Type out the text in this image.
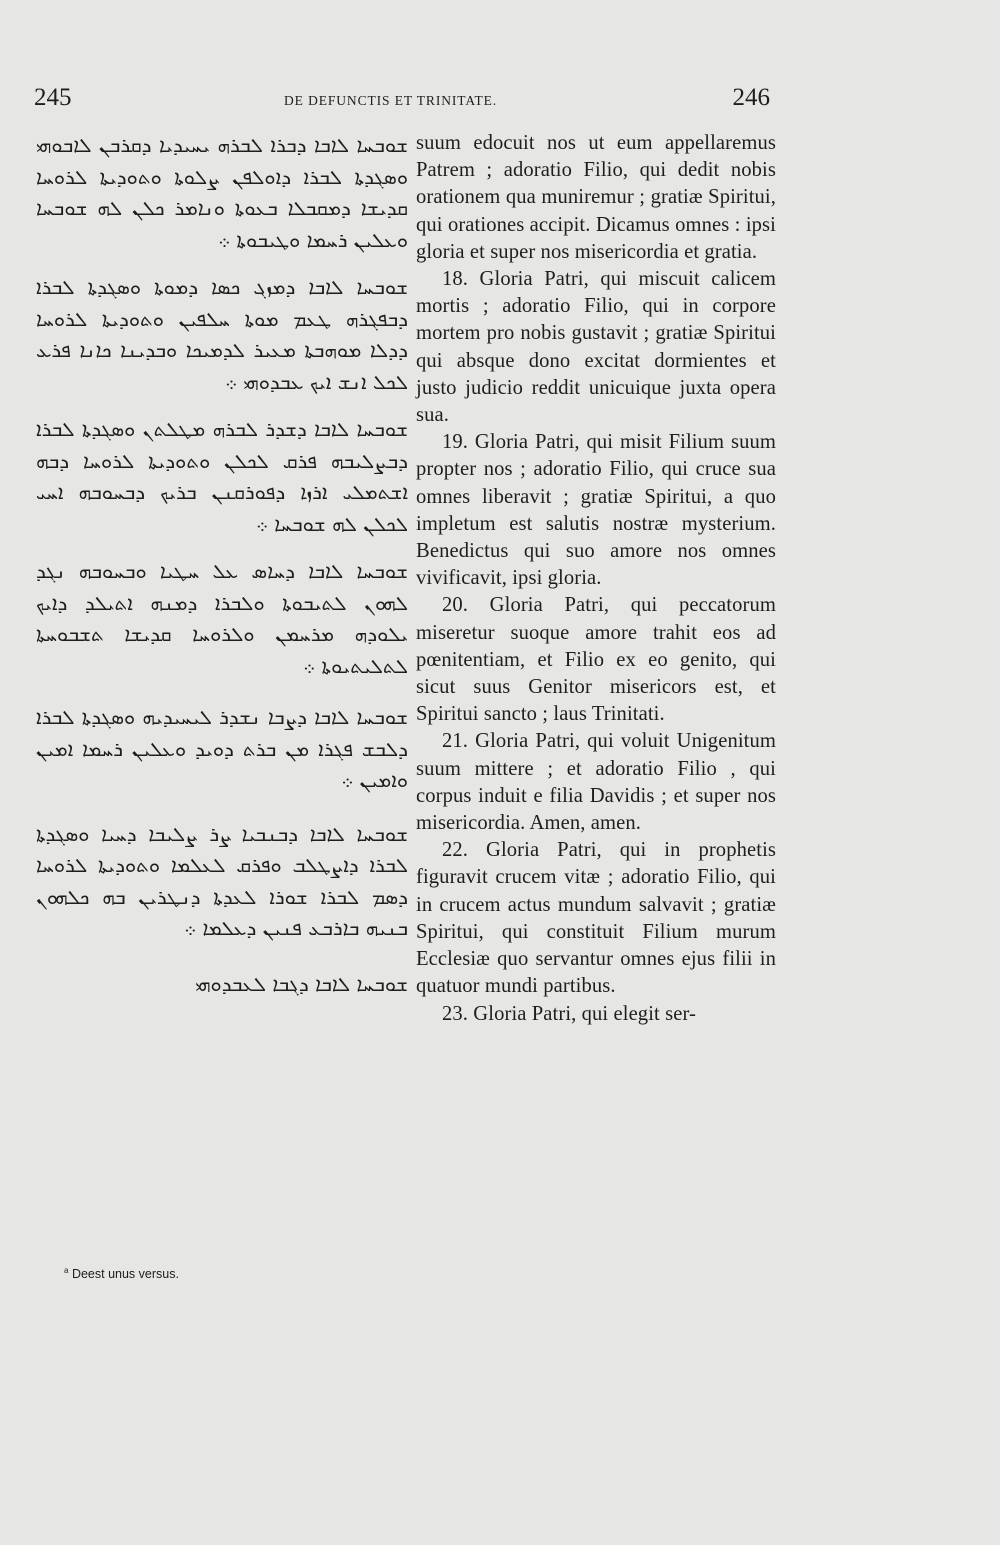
245	DE DEFUNCTIS ET TRINITATE.	246

ܫܘܒܚܐ ܠܐܒܐ ܕܒܪܐ ܠܒܪܗ ܝܚܝܕܝܐ ܕܩܪܒܢ ܠܐܒܘܗܝ ܘܣܓܕܬܐ ܠܒܪܐ ܕܐܘܠܦܢ ܨܠܘܬܐ ܘܬܘܕܝܬܐ ܠܪܘܚܐ ܩܕܝܫܐ ܕܡܩܒܠܐ ܒܥܘܬܐ ܘܢܐܡܪ ܟܠܢ ܠܗ ܫܘܒܚܐ ܘܥܠܝܢ ܪܚܡܐ ܘܛܝܒܘܬܐ ܀

ܫܘܒܚܐ ܠܐܒܐ ܕܡܙܓ ܟܣܐ ܕܡܘܬܐ ܘܣܓܕܬܐ ܠܒܪܐ ܕܒܦܓܪܗ ܛܥܡ ܡܘܬܐ ܚܠܦܝܢ ܘܬܘܕܝܬܐ ܠܪܘܚܐ ܕܕܠܐ ܡܘܗܒܬܐ ܡܥܝܪ ܠܕܡܝܟܐ ܘܒܕܝܢܐ ܟܐܢܐ ܦܪܥ ܠܟܠ ܐܢܫ ܐܝܟ ܥܒܕܘܗܝ ܀

ܫܘܒܚܐ ܠܐܒܐ ܕܫܕܪ ܠܒܪܗ ܡܛܠܬܢ ܘܣܓܕܬܐ ܠܒܪܐ ܕܒܨܠܝܒܗ ܦܪܩ ܠܟܠܢ ܘܬܘܕܝܬܐ ܠܪܘܚܐ ܕܒܗ ܐܫܬܡܠܝ ܐܪܙܐ ܕܦܘܪܩܢܢ ܒܪܝܟ ܕܒܚܘܒܗ ܐܚܝ ܠܟܠܢ ܠܗ ܫܘܒܚܐ ܀

ܫܘܒܚܐ ܠܐܒܐ ܕܚܐܣ ܥܠ ܚܛܝܐ ܘܒܚܘܒܗ ܢܓܕ ܠܗܘܢ ܠܬܝܒܘܬܐ ܘܠܒܪܐ ܕܡܢܗ ܐܬܝܠܕ ܕܐܝܟ ܝܠܘܕܗ ܡܪܚܡܢ ܘܠܪܘܚܐ ܩܕܝܫܐ ܬܫܒܘܚܬܐ ܠܬܠܝܬܝܘܬܐ ܀

ܫܘܒܚܐ ܠܐܒܐ ܕܨܒܐ ܢܫܕܪ ܠܝܚܝܕܝܗ ܘܣܓܕܬܐ ܠܒܪܐ ܕܠܒܫ ܦܓܪܐ ܡܢ ܒܪܬ ܕܘܝܕ ܘܥܠܝܢ ܪܚܡܐ ܐܡܝܢ ܘܐܡܝܢ ܀

ܫܘܒܚܐ ܠܐܒܐ ܕܒܢܒܝܐ ܨܪ ܨܠܝܒܐ ܕܚܝܐ ܘܣܓܕܬܐ ܠܒܪܐ ܕܐܨܛܠܒ ܘܦܪܩ ܠܥܠܡܐ ܘܬܘܕܝܬܐ ܠܪܘܚܐ ܕܣܡ ܠܒܪܐ ܫܘܪܐ ܠܥܕܬܐ ܕܢܛܪܝܢ ܒܗ ܟܠܗܘܢ ܒܢܝܗ ܒܐܪܒܥ ܦܢܝܢ ܕܥܠܡܐ ܀

ܫܘܒܚܐ ܠܐܒܐ ܕܓܒܐ ܠܥܒܕܘܗܝ

suum edocuit nos ut eum appellaremus Patrem ; adoratio Filio, qui dedit nobis orationem qua muniremur ; gratiæ Spiritui, qui orationes accipit. Dicamus omnes : ipsi gloria et super nos misericordia et gratia.

18. Gloria Patri, qui miscuit calicem mortis ; adoratio Filio, qui in corpore mortem pro nobis gustavit ; gratiæ Spiritui qui absque dono excitat dormientes et justo judicio reddit unicuique juxta opera sua.

19. Gloria Patri, qui misit Filium suum propter nos ; adoratio Filio, qui cruce sua omnes liberavit ; gratiæ Spiritui, a quo impletum est salutis nostræ mysterium. Benedictus qui suo amore nos omnes vivificavit, ipsi gloria.

20. Gloria Patri, qui peccatorum miseretur suoque amore trahit eos ad pœnitentiam, et Filio ex eo genito, qui sicut suus Genitor misericors est, et Spiritui sancto ; laus Trinitati.

21. Gloria Patri, qui voluit Unigenitum suum mittere ; et adoratio Filio , qui corpus induit e filia Davidis ; et super nos misericordia. Amen, amen.

22. Gloria Patri, qui in prophetis figuravit crucem vitæ ; adoratio Filio, qui in crucem actus mundum salvavit ; gratiæ Spiritui, qui constituit Filium murum Ecclesiæ quo servantur omnes ejus filii in quatuor mundi partibus.

23. Gloria Patri, qui elegit ser-

$^a$ Deest unus versus.
